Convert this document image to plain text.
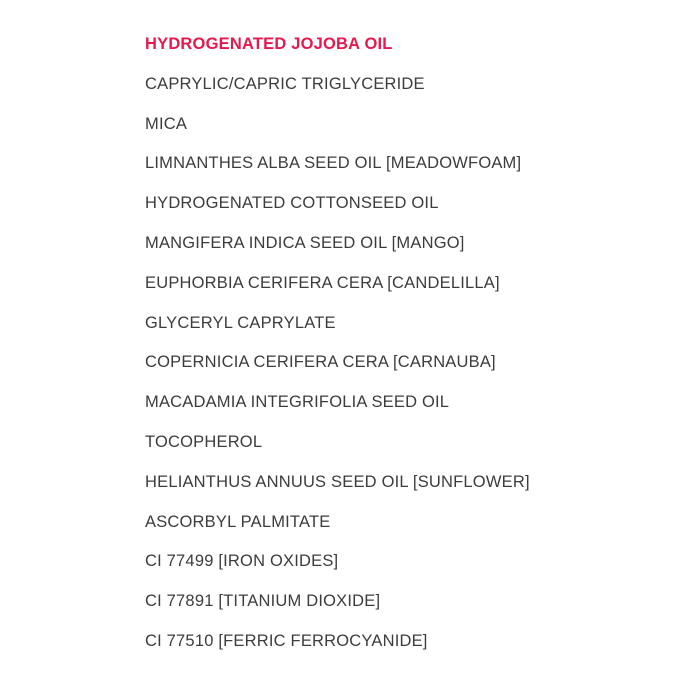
HYDROGENATED JOJOBA OIL
CAPRYLIC/CAPRIC TRIGLYCERIDE
MICA
LIMNANTHES ALBA SEED OIL [MEADOWFOAM]
HYDROGENATED COTTONSEED OIL
MANGIFERA INDICA SEED OIL [MANGO]
EUPHORBIA CERIFERA CERA [CANDELILLA]
GLYCERYL CAPRYLATE
COPERNICIA CERIFERA CERA [CARNAUBA]
MACADAMIA INTEGRIFOLIA SEED OIL
TOCOPHEROL
HELIANTHUS ANNUUS SEED OIL [SUNFLOWER]
ASCORBYL PALMITATE
CI 77499 [IRON OXIDES]
CI 77891 [TITANIUM DIOXIDE]
CI 77510 [FERRIC FERROCYANIDE]
